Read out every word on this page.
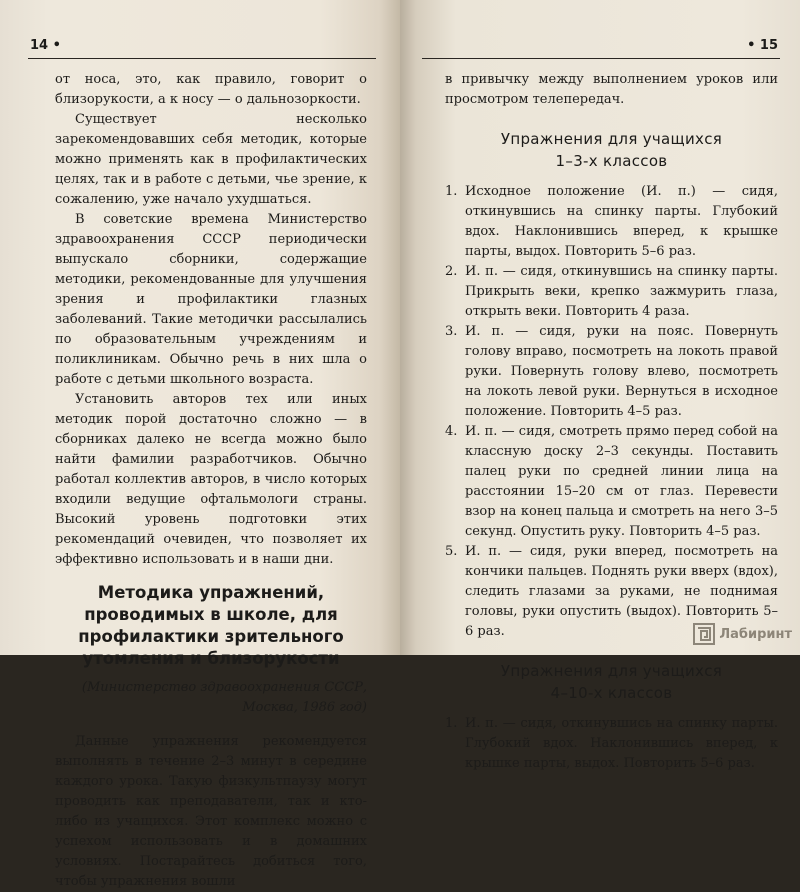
14 •

от носа, это, как правило, говорит о близорукости, а к носу — о дальнозоркости.

Существует несколько зарекомендовавших себя методик, которые можно применять как в профилактических целях, так и в работе с детьми, чье зрение, к сожалению, уже начало ухудшаться.

В советские времена Министерство здравоохранения СССР периодически выпускало сборники, содержащие методики, рекомендованные для улучшения зрения и профилактики глазных заболеваний. Такие методички рассылались по образовательным учреждениям и поликлиникам. Обычно речь в них шла о работе с детьми школьного возраста.

Установить авторов тех или иных методик порой достаточно сложно — в сборниках далеко не всегда можно было найти фамилии разработчиков. Обычно работал коллектив авторов, в число которых входили ведущие офтальмологи страны. Высокий уровень подготовки этих рекомендаций очевиден, что позволяет их эффективно использовать и в наши дни.

Методика упражнений, проводимых в школе, для профилактики зрительного утомления и близорукости

(Министерство здравоохранения СССР,

Москва, 1986 год)

Данные упражнения рекомендуется выполнять в течение 2–3 минут в середине каждого урока. Такую физкультпаузу могут проводить как преподаватели, так и кто-либо из учащихся. Этот комплекс можно с успехом использовать и в домашних условиях. Постарайтесь добиться того, чтобы упражнения вошли

• 15

в привычку между выполнением уроков или просмотром телепередач.

Упражнения для учащихся

1–3-х классов

1. Исходное положение (И. п.) — сидя, откинувшись на спинку парты. Глубокий вдох. Наклонившись вперед, к крышке парты, выдох. Повторить 5–6 раз.

2. И. п. — сидя, откинувшись на спинку парты. Прикрыть веки, крепко зажмурить глаза, открыть веки. Повторить 4 раза.

3. И. п. — сидя, руки на пояс. Повернуть голову вправо, посмотреть на локоть правой руки. Повернуть голову влево, посмотреть на локоть левой руки. Вернуться в исходное положение. Повторить 4–5 раз.

4. И. п. — сидя, смотреть прямо перед собой на классную доску 2–3 секунды. Поставить палец руки по средней линии лица на расстоянии 15–20 см от глаз. Перевести взор на конец пальца и смотреть на него 3–5 секунд. Опустить руку. Повторить 4–5 раз.

5. И. п. — сидя, руки вперед, посмотреть на кончики пальцев. Поднять руки вверх (вдох), следить глазами за руками, не поднимая головы, руки опустить (выдох). Повторить 5–6 раз.

Упражнения для учащихся

4–10-х классов

1. И. п. — сидя, откинувшись на спинку парты. Глубокий вдох. Наклонившись вперед, к крышке парты, выдох. Повторить 5–6 раз.

Лабиринт
